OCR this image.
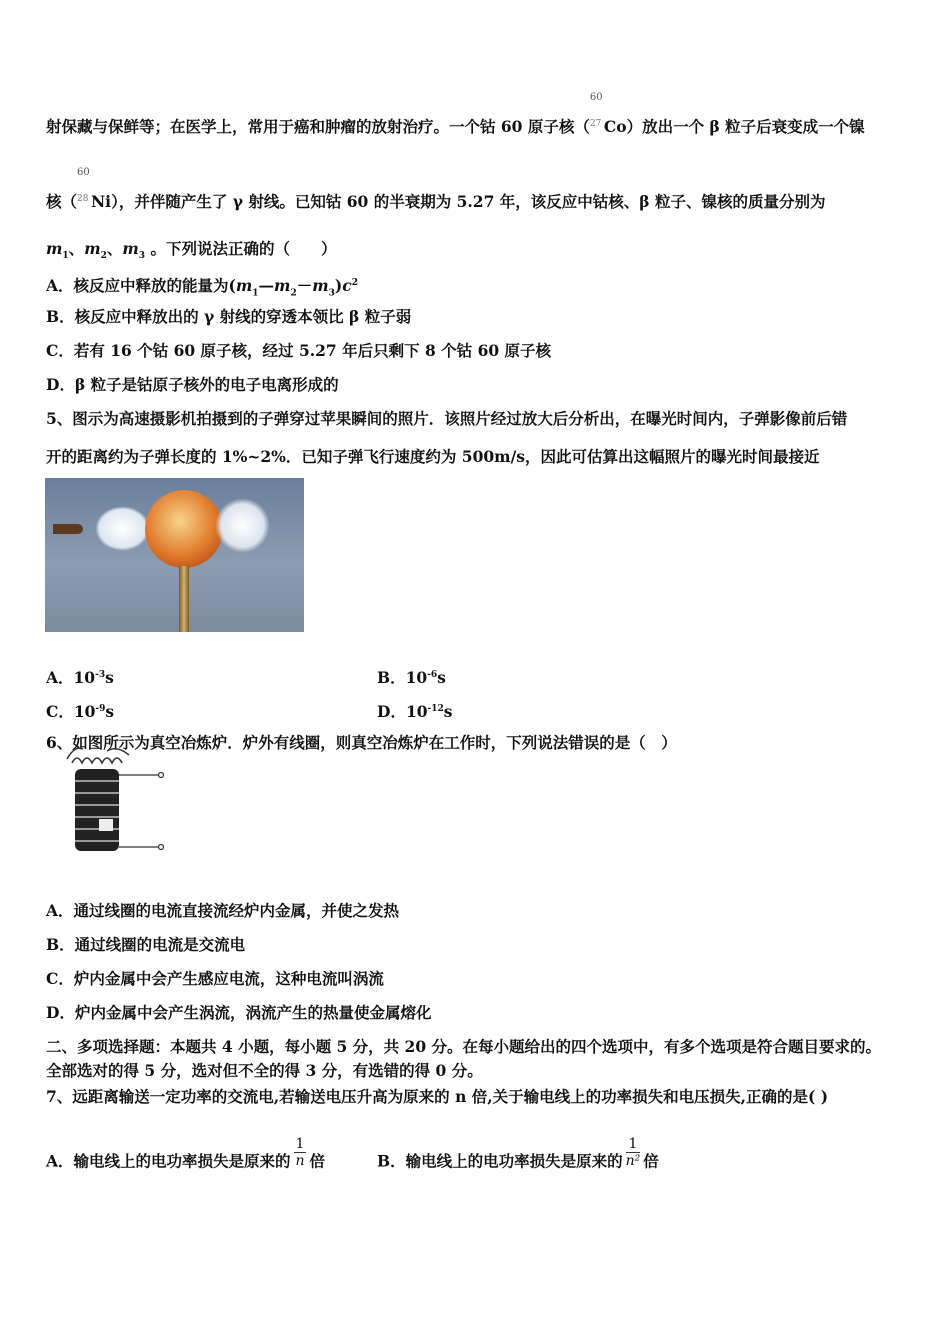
射保藏与保鲜等；在医学上，常用于癌和肿瘤的放射治疗。一个钴 60 原子核（
60
$^{27}$ Co）放出一个 β 粒子后衰变成一个镍
核（
60
$^{28}$ Ni），并伴随产生了 γ 射线。已知钴 60 的半衰期为 5.27 年，该反应中钴核、β 粒子、镍核的质量分别为
$m_1$、$m_2$、$m_3$ 。下列说法正确的（　　）
A．核反应中释放的能量为$(m_1—m_2-m_3)c^2$
B．核反应中释放出的 γ 射线的穿透本领比 β 粒子弱
C．若有 16 个钴 60 原子核，经过 5.27 年后只剩下 8 个钴 60 原子核
D．β 粒子是钴原子核外的电子电离形成的
5、图示为高速摄影机拍摄到的子弹穿过苹果瞬间的照片．该照片经过放大后分析出，在曝光时间内，子弹影像前后错
开的距离约为子弹长度的 1%~2%．已知子弹飞行速度约为 500m/s，因此可估算出这幅照片的曝光时间最接近
A．$10^{-3}s$	B．$10^{-6}s$
C．$10^{-9}s$	D．$10^{-12}s$
6、如图所示为真空冶炼炉．炉外有线圈，则真空冶炼炉在工作时，下列说法错误的是（　）
A．通过线圈的电流直接流经炉内金属，并使之发热
B．通过线圈的电流是交流电
C．炉内金属中会产生感应电流，这种电流叫涡流
D．炉内金属中会产生涡流，涡流产生的热量使金属熔化
二、多项选择题：本题共 4 小题，每小题 5 分，共 20 分。在每小题给出的四个选项中，有多个选项是符合题目要求的。
全部选对的得 5 分，选对但不全的得 3 分，有选错的得 0 分。
7、远距离输送一定功率的交流电,若输送电压升高为原来的 n 倍,关于输电线上的功率损失和电压损失,正确的是( )
A．输电线上的电功率损失是原来的 $\frac{1}{n}$ 倍	B．输电线上的电功率损失是原来的 $\frac{1}{\text{n²}}$ 倍
